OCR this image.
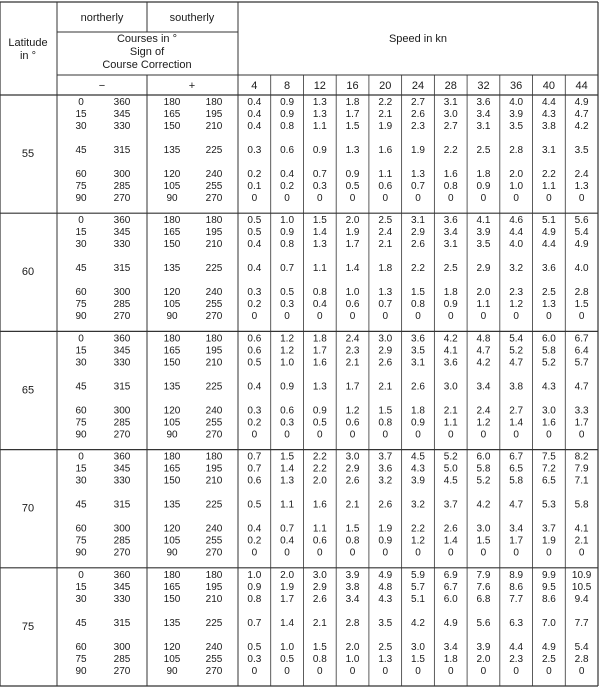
Latitude
in °
northerly	southerly
Courses in °
Sign of
Course Correction
−	+
Speed in kn
4 8 12 16 20 24 28 32 36 40 44
55
0	360	180	180	0.4 0.9 1.3 1.8 2.2 2.7 3.1 3.6 4.0 4.4 4.9
15	345	165	195	0.4 0.9 1.3 1.7 2.1 2.6 3.0 3.4 3.9 4.3 4.7
30	330	150	210	0.4 0.8 1.1 1.5 1.9 2.3 2.7 3.1 3.5 3.8 4.2
45	315	135	225	0.3 0.6 0.9 1.3 1.6 1.9 2.2 2.5 2.8 3.1 3.5
60	300	120	240	0.2 0.4 0.7 0.9 1.1 1.3 1.6 1.8 2.0 2.2 2.4
75	285	105	255	0.1 0.2 0.3 0.5 0.6 0.7 0.8 0.9 1.0 1.1 1.3
90	270	90	270	0	0	0	0	0	0	0	0	0	0	0
60
0	360	180	180	0.5 1.0 1.5 2.0 2.5 3.1 3.6 4.1 4.6 5.1 5.6
15	345	165	195	0.5 0.9 1.4 1.9 2.4 2.9 3.4 3.9 4.4 4.9 5.4
30	330	150	210	0.4 0.8 1.3 1.7 2.1 2.6 3.1 3.5 4.0 4.4 4.9
45	315	135	225	0.4 0.7 1.1 1.4 1.8 2.2 2.5 2.9 3.2 3.6 4.0
60	300	120	240	0.3 0.5 0.8 1.0 1.3 1.5 1.8 2.0 2.3 2.5 2.8
75	285	105	255	0.2 0.3 0.4 0.6 0.7 0.8 0.9 1.1 1.2 1.3 1.5
90	270	90	270	0	0	0	0	0	0	0	0	0	0	0
65
0	360	180	180	0.6 1.2 1.8 2.4 3.0 3.6 4.2 4.8 5.4 6.0 6.7
15	345	165	195	0.6 1.2 1.7 2.3 2.9 3.5 4.1 4.7 5.2 5.8 6.4
30	330	150	210	0.5 1.0 1.6 2.1 2.6 3.1 3.6 4.2 4.7 5.2 5.7
45	315	135	225	0.4 0.9 1.3 1.7 2.1 2.6 3.0 3.4 3.8 4.3 4.7
60	300	120	240	0.3 0.6 0.9 1.2 1.5 1.8 2.1 2.4 2.7 3.0 3.3
75	285	105	255	0.2 0.3 0.5 0.6 0.8 0.9 1.1 1.2 1.4 1.6 1.7
90	270	90	270	0	0	0	0	0	0	0	0	0	0	0
70
0	360	180	180	0.7 1.5 2.2 3.0 3.7 4.5 5.2 6.0 6.7 7.5 8.2
15	345	165	195	0.7 1.4 2.2 2.9 3.6 4.3 5.0 5.8 6.5 7.2 7.9
30	330	150	210	0.6 1.3 2.0 2.6 3.2 3.9 4.5 5.2 5.8 6.5 7.1
45	315	135	225	0.5 1.1 1.6 2.1 2.6 3.2 3.7 4.2 4.7 5.3 5.8
60	300	120	240	0.4 0.7 1.1 1.5 1.9 2.2 2.6 3.0 3.4 3.7 4.1
75	285	105	255	0.2 0.4 0.6 0.8 0.9 1.2 1.4 1.5 1.7 1.9 2.1
90	270	90	270	0	0	0	0	0	0	0	0	0	0	0
75
0	360	180	180	1.0 2.0 3.0 3.9 4.9 5.9 6.9 7.9 8.9 9.9 10.9
15	345	165	195	0.9 1.9 2.9 3.8 4.8 5.7 6.7 7.6 8.6 9.5 10.5
30	330	150	210	0.8 1.7 2.6 3.4 4.3 5.1 6.0 6.8 7.7 8.6 9.4
45	315	135	225	0.7 1.4 2.1 2.8 3.5 4.2 4.9 5.6 6.3 7.0 7.7
60	300	120	240	0.5 1.0 1.5 2.0 2.5 3.0 3.4 3.9 4.4 4.9 5.4
75	285	105	255	0.3 0.5 0.8 1.0 1.3 1.5 1.8 2.0 2.3 2.5 2.8
90	270	90	270	0	0	0	0	0	0	0	0	0	0	0
